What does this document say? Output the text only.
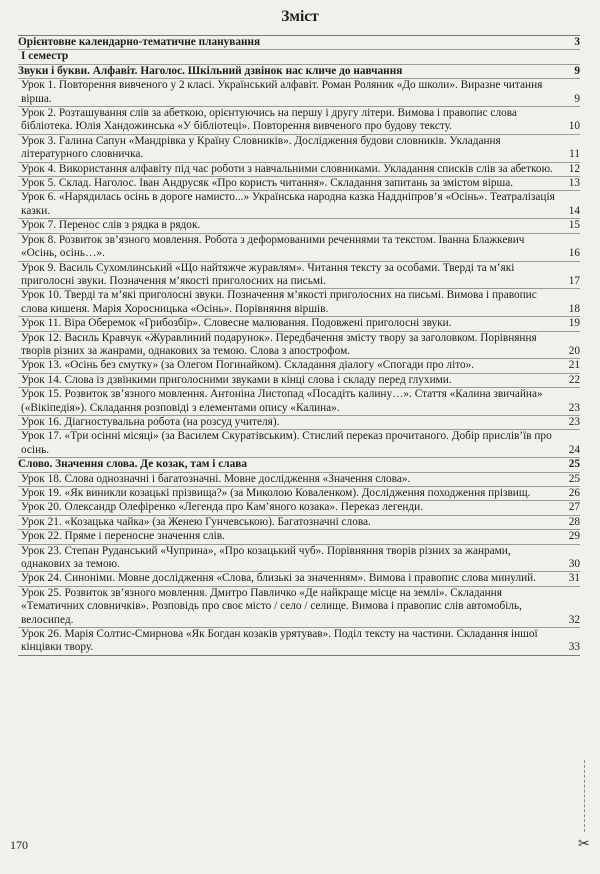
Зміст
Орієнтовне календарно-тематичне планування	3
І семестр
Звуки і букви. Алфавіт. Наголос. Шкільний дзвінок нас кличе до навчання	9
Урок 1. Повторення вивченого у 2 класі. Український алфавіт. Роман Роляник «До школи». Виразне читання вірша.	9
Урок 2. Розташування слів за абеткою, орієнтуючись на першу і другу літери. Вимова і правопис слова бібліотека. Юлія Хандожинська «У бібліотеці». Повторення вивченого про будову тексту.	10
Урок 3. Галина Сапун «Мандрівка у Країну Словників». Дослідження будови словників. Укладання літературного словничка.	11
Урок 4. Використання алфавіту під час роботи з навчальними словниками. Укладання списків слів за абеткою.	12
Урок 5. Склад. Наголос. Іван Андрусяк «Про користь читання». Складання запитань за змістом вірша.	13
Урок 6. «Нарядилась осінь в дороге намисто...» Українська народна казка Наддніпров’я «Осінь». Театралізація казки.	14
Урок 7. Перенос слів з рядка в рядок.	15
Урок 8. Розвиток зв’язного мовлення. Робота з деформованими реченнями та текстом. Іванна Блажкевич «Осінь, осінь…».	16
Урок 9. Василь Сухомлинський «Що найтяжче журавлям». Читання тексту за особами. Тверді та м’які приголосні звуки. Позначення м’якості приголосних на письмі.	17
Урок 10. Тверді та м’які приголосні звуки. Позначення м’якості приголосних на письмі. Вимова і правопис слова кишеня. Марія Хоросницька «Осінь». Порівняння віршів.	18
Урок 11. Віра Оберемок «Грибозбір». Словесне малювання. Подовжені приголосні звуки.	19
Урок 12. Василь Кравчук «Журавлиний подарунок». Передбачення змісту твору за заголовком. Порівняння творів різних за жанрами, однакових за темою. Слова з апострофом.	20
Урок 13. «Осінь без смутку» (за Олегом Погинайком). Складання діалогу «Спогади про літо».	21
Урок 14. Слова із дзвінкими приголосними звуками в кінці слова і складу перед глухими.	22
Урок 15. Розвиток зв’язного мовлення. Антоніна Листопад «Посадіть калину…». Стаття «Калина звичайна» («Вікіпедія»). Складання розповіді з елементами опису «Калина».	23
Урок 16. Діагностувальна робота (на розсуд учителя).	23
Урок 17. «Три осінні місяці» (за Василем Скуратівським). Стислий переказ прочитаного. Добір прислів’їв про осінь.	24
Слово. Значення слова. Де козак, там і слава	25
Урок 18. Слова однозначні і багатозначні. Мовне дослідження «Значення слова».	25
Урок 19. «Як виникли козацькі прізвища?» (за Миколою Коваленком). Дослідження походження прізвищ.	26
Урок 20. Олександр Олефіренко «Легенда про Кам’яного козака». Переказ легенди.	27
Урок 21. «Козацька чайка» (за Женею Гунчевською). Багатозначні слова.	28
Урок 22. Пряме і переносне значення слів.	29
Урок 23. Степан Руданський «Чуприна», «Про козацький чуб». Порівняння творів різних за жанрами, однакових за темою.	30
Урок 24. Синоніми. Мовне дослідження «Слова, близькі за значенням». Вимова і правопис слова минулий.	31
Урок 25. Розвиток зв’язного мовлення. Дмитро Павличко «Де найкраще місце на землі». Складання «Тематичних словничків». Розповідь про своє місто / село / селище. Вимова і правопис слів автомобіль, велосипед.	32
Урок 26. Марія Солтис-Смирнова «Як Богдан козаків урятував». Поділ тексту на частини. Складання іншої кінцівки твору.	33
170	✂
